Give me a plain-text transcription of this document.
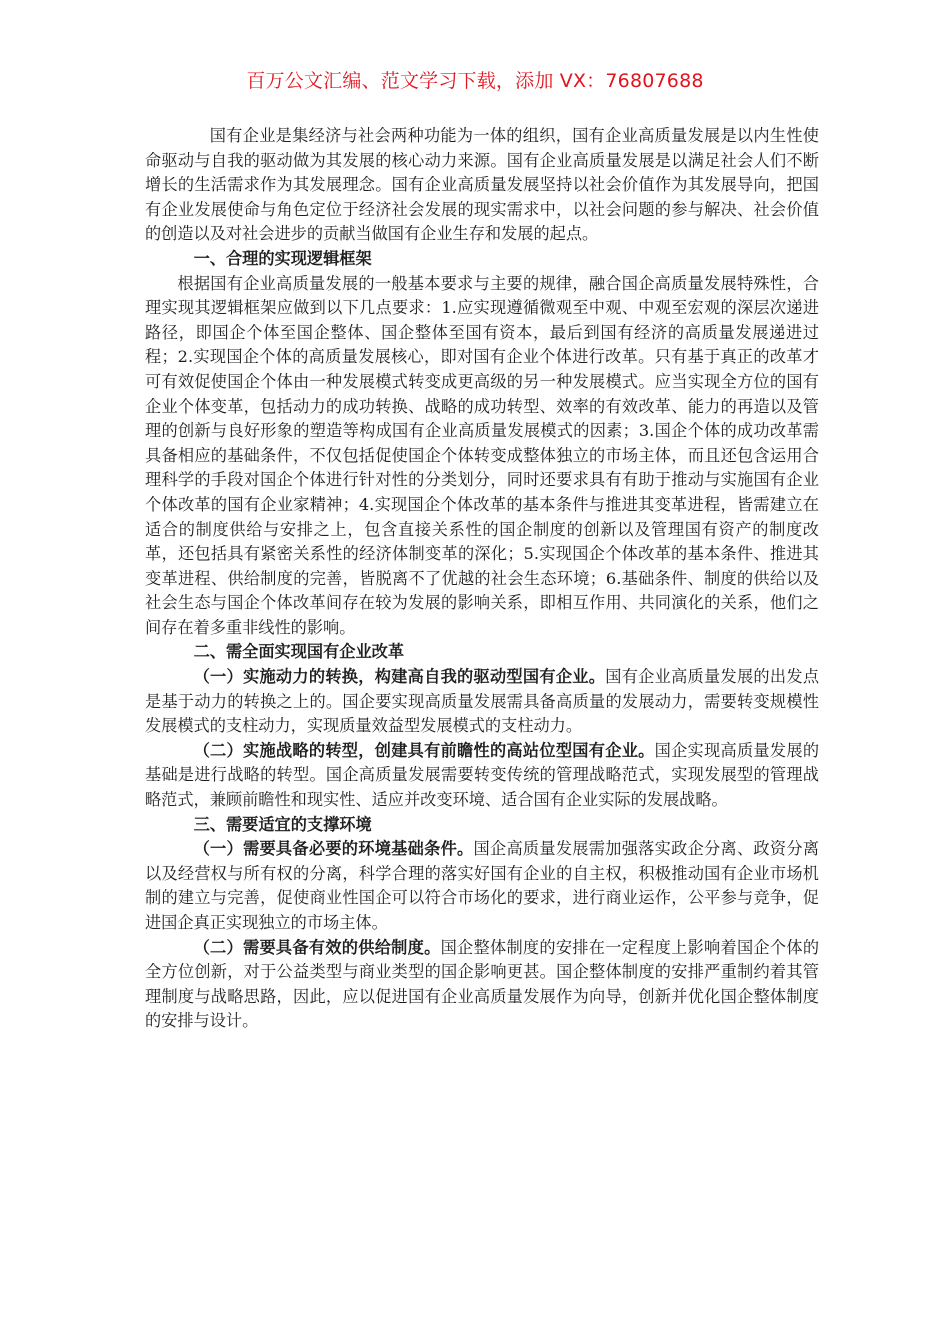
百万公文汇编、范文学习下载，添加 VX：76807688

国有企业是集经济与社会两种功能为一体的组织，国有企业高质量发展是以内生性使命驱动与自我的驱动做为其发展的核心动力来源。国有企业高质量发展是以满足社会人们不断增长的生活需求作为其发展理念。国有企业高质量发展坚持以社会价值作为其发展导向，把国有企业发展使命与角色定位于经济社会发展的现实需求中，以社会问题的参与解决、社会价值的创造以及对社会进步的贡献当做国有企业生存和发展的起点。

一、合理的实现逻辑框架

根据国有企业高质量发展的一般基本要求与主要的规律，融合国企高质量发展特殊性，合理实现其逻辑框架应做到以下几点要求：1.应实现遵循微观至中观、中观至宏观的深层次递进路径，即国企个体至国企整体、国企整体至国有资本，最后到国有经济的高质量发展递进过程；2.实现国企个体的高质量发展核心，即对国有企业个体进行改革。只有基于真正的改革才可有效促使国企个体由一种发展模式转变成更高级的另一种发展模式。应当实现全方位的国有企业个体变革，包括动力的成功转换、战略的成功转型、效率的有效改革、能力的再造以及管理的创新与良好形象的塑造等构成国有企业高质量发展模式的因素；3.国企个体的成功改革需具备相应的基础条件，不仅包括促使国企个体转变成整体独立的市场主体，而且还包含运用合理科学的手段对国企个体进行针对性的分类划分，同时还要求具有有助于推动与实施国有企业个体改革的国有企业家精神；4.实现国企个体改革的基本条件与推进其变革进程，皆需建立在适合的制度供给与安排之上，包含直接关系性的国企制度的创新以及管理国有资产的制度改革，还包括具有紧密关系性的经济体制变革的深化；5.实现国企个体改革的基本条件、推进其变革进程、供给制度的完善，皆脱离不了优越的社会生态环境；6.基础条件、制度的供给以及社会生态与国企个体改革间存在较为发展的影响关系，即相互作用、共同演化的关系，他们之间存在着多重非线性的影响。

二、需全面实现国有企业改革

（一）实施动力的转换，构建高自我的驱动型国有企业。国有企业高质量发展的出发点是基于动力的转换之上的。国企要实现高质量发展需具备高质量的发展动力，需要转变规模性发展模式的支柱动力，实现质量效益型发展模式的支柱动力。

（二）实施战略的转型，创建具有前瞻性的高站位型国有企业。国企实现高质量发展的基础是进行战略的转型。国企高质量发展需要转变传统的管理战略范式，实现发展型的管理战略范式，兼顾前瞻性和现实性、适应并改变环境、适合国有企业实际的发展战略。

三、需要适宜的支撑环境

（一）需要具备必要的环境基础条件。国企高质量发展需加强落实政企分离、政资分离以及经营权与所有权的分离，科学合理的落实好国有企业的自主权，积极推动国有企业市场机制的建立与完善，促使商业性国企可以符合市场化的要求，进行商业运作，公平参与竞争，促进国企真正实现独立的市场主体。

（二）需要具备有效的供给制度。国企整体制度的安排在一定程度上影响着国企个体的全方位创新，对于公益类型与商业类型的国企影响更甚。国企整体制度的安排严重制约着其管理制度与战略思路，因此，应以促进国有企业高质量发展作为向导，创新并优化国企整体制度的安排与设计。
